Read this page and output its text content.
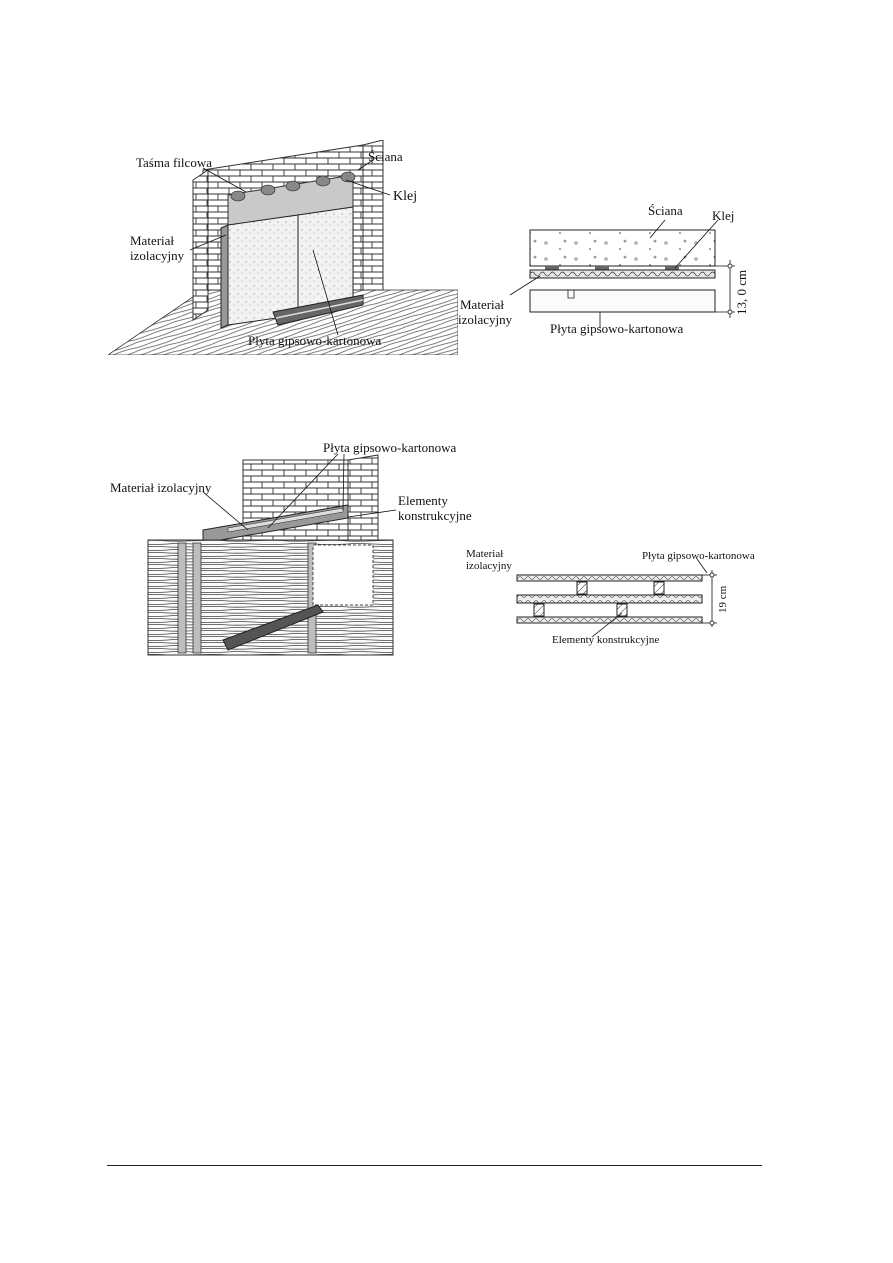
Taśma filcowa	Ściana
Klej
Materiał
izolacyjny
Płyta gipsowo-kartonowa
13, 0 cm
Ściana Klej
Materiał
izolacyjny
Płyta gipsowo-kartonowa
Płyta gipsowo-kartonowa
Materiał izolacyjny
Elementy
konstrukcyjne
19 cm
Materiał
izolacyjny
Płyta gipsowo-kartonowa
Elementy konstrukcyjne
